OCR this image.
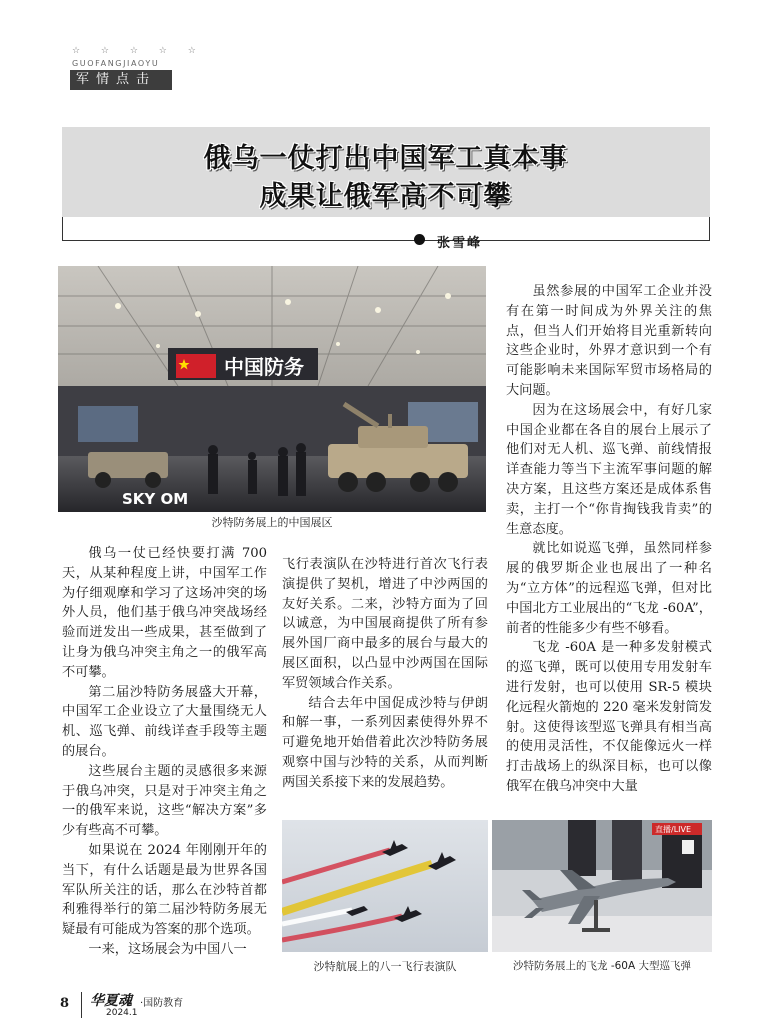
☆ ☆ ☆ ☆ ☆
GUOFANGJIAOYU
军情点击
俄乌一仗打出中国军工真本事
成果让俄军高不可攀
张雪峰
中国防务
SKY OM
沙特防务展上的中国展区

俄乌一仗已经快要打满 700 天，从某种程度上讲，中国军工作为仔细观摩和学习了这场冲突的场外人员，他们基于俄乌冲突战场经验而迸发出一些成果，甚至做到了让身为俄乌冲突主角之一的俄军高不可攀。

第二届沙特防务展盛大开幕，中国军工企业设立了大量围绕无人机、巡飞弹、前线详查手段等主题的展台。

这些展台主题的灵感很多来源于俄乌冲突，只是对于冲突主角之一的俄军来说，这些“解决方案”多少有些高不可攀。

如果说在 2024 年刚刚开年的当下，有什么话题是最为世界各国军队所关注的话，那么在沙特首都利雅得举行的第二届沙特防务展无疑最有可能成为答案的那个选项。

一来，这场展会为中国八一

飞行表演队在沙特进行首次飞行表演提供了契机，增进了中沙两国的友好关系。二来，沙特方面为了回以诚意，为中国展商提供了所有参展外国厂商中最多的展台与最大的展区面积，以凸显中沙两国在国际军贸领域合作关系。

结合去年中国促成沙特与伊朗和解一事，一系列因素使得外界不可避免地开始借着此次沙特防务展观察中国与沙特的关系，从而判断两国关系接下来的发展趋势。

虽然参展的中国军工企业并没有在第一时间成为外界关注的焦点，但当人们开始将目光重新转向这些企业时，外界才意识到一个有可能影响未来国际军贸市场格局的大问题。

因为在这场展会中，有好几家中国企业都在各自的展台上展示了他们对无人机、巡飞弹、前线情报详查能力等当下主流军事问题的解决方案，且这些方案还是成体系售卖，主打一个“你肯掏钱我肯卖”的生意态度。

就比如说巡飞弹，虽然同样参展的俄罗斯企业也展出了一种名为“立方体”的远程巡飞弹，但对比中国北方工业展出的“飞龙 -60A”，前者的性能多少有些不够看。

飞龙 -60A 是一种多发射模式的巡飞弹，既可以使用专用发射车进行发射，也可以使用 SR-5 模块化远程火箭炮的 220 毫米发射筒发射。这使得该型巡飞弹具有相当高的使用灵活性，不仅能像远火一样打击战场上的纵深目标，也可以像俄军在俄乌冲突中大量

沙特航展上的八一飞行表演队
直播/LIVE
沙特防务展上的飞龙 -60A 大型巡飞弹
8 华夏魂 ·国防教育
2024.1
